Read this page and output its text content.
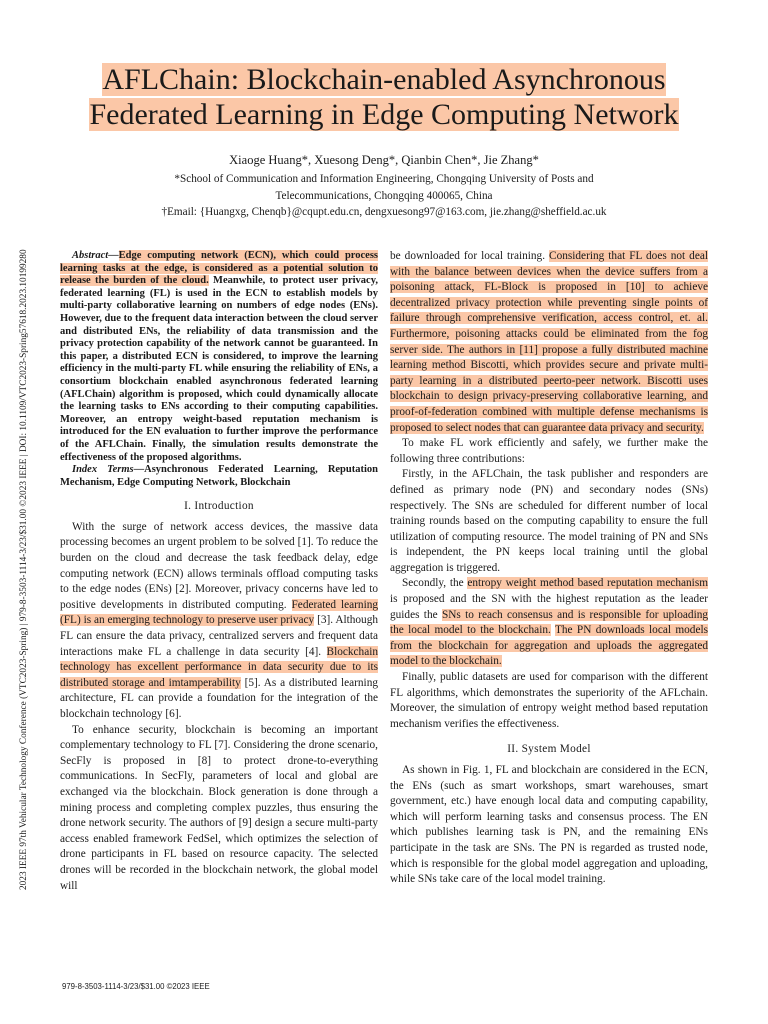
2023 IEEE 97th Vehicular Technology Conference (VTC2023-Spring) | 979-8-3503-1114-3/23/$31.00 ©2023 IEEE | DOI: 10.1109/VTC2023-Spring57618.2023.10199280
AFLChain: Blockchain-enabled Asynchronous
Federated Learning in Edge Computing Network
Xiaoge Huang*, Xuesong Deng*, Qianbin Chen*, Jie Zhang*
*School of Communication and Information Engineering, Chongqing University of Posts and
Telecommunications, Chongqing 400065, China
†Email: {Huangxg, Chenqb}@cqupt.edu.cn, dengxuesong97@163.com, jie.zhang@sheffield.ac.uk

Abstract—Edge computing network (ECN), which could process learning tasks at the edge, is considered as a potential solution to release the burden of the cloud. Meanwhile, to protect user privacy, federated learning (FL) is used in the ECN to establish models by multi-party collaborative learning on numbers of edge nodes (ENs). However, due to the frequent data interaction between the cloud server and distributed ENs, the reliability of data transmission and the privacy protection capability of the network cannot be guaranteed. In this paper, a distributed ECN is considered, to improve the learning efficiency in the multi-party FL while ensuring the reliability of ENs, a consortium blockchain enabled asynchronous federated learning (AFLChain) algorithm is proposed, which could dynamically allocate the learning tasks to ENs according to their computing capabilities. Moreover, an entropy weight-based reputation mechanism is introduced for the EN evaluation to further improve the performance of the AFLChain. Finally, the simulation results demonstrate the effectiveness of the proposed algorithms.

Index Terms—Asynchronous Federated Learning, Reputation Mechanism, Edge Computing Network, Blockchain

I. Introduction

With the surge of network access devices, the massive data processing becomes an urgent problem to be solved [1]. To reduce the burden on the cloud and decrease the task feedback delay, edge computing network (ECN) allows terminals offload computing tasks to the edge nodes (ENs) [2]. Moreover, privacy concerns have led to positive developments in distributed computing. Federated learning (FL) is an emerging technology to preserve user privacy [3]. Although FL can ensure the data privacy, centralized servers and frequent data interactions make FL a challenge in data security [4]. Blockchain technology has excellent performance in data security due to its distributed storage and imtamperability [5]. As a distributed learning architecture, FL can provide a foundation for the integration of the blockchain technology [6].

To enhance security, blockchain is becoming an important complementary technology to FL [7]. Considering the drone scenario, SecFly is proposed in [8] to protect drone-to-everything communications. In SecFly, parameters of local and global are exchanged via the blockchain. Block generation is done through a mining process and completing complex puzzles, thus ensuring the drone network security. The authors of [9] design a secure multi-party access enabled framework FedSel, which optimizes the selection of drone participants in FL based on resource capacity. The selected drones will be recorded in the blockchain network, the global model will

be downloaded for local training. Considering that FL does not deal with the balance between devices when the device suffers from a poisoning attack, FL-Block is proposed in [10] to achieve decentralized privacy protection while preventing single points of failure through comprehensive verification, access control, et. al. Furthermore, poisoning attacks could be eliminated from the fog server side. The authors in [11] propose a fully distributed machine learning method Biscotti, which provides secure and private multi-party learning in a distributed peerto-peer network. Biscotti uses blockchain to design privacy-preserving collaborative learning, and proof-of-federation combined with multiple defense mechanisms is proposed to select nodes that can guarantee data privacy and security.

To make FL work efficiently and safely, we further make the following three contributions:

Firstly, in the AFLChain, the task publisher and responders are defined as primary node (PN) and secondary nodes (SNs) respectively. The SNs are scheduled for different number of local training rounds based on the computing capability to ensure the full utilization of computing resource. The model training of PN and SNs is independent, the PN keeps local training until the global aggregation is triggered.

Secondly, the entropy weight method based reputation mechanism is proposed and the SN with the highest reputation as the leader guides the SNs to reach consensus and is responsible for uploading the local model to the blockchain. The PN downloads local models from the blockchain for aggregation and uploads the aggregated model to the blockchain.

Finally, public datasets are used for comparison with the different FL algorithms, which demonstrates the superiority of the AFLchain. Moreover, the simulation of entropy weight method based reputation mechanism verifies the effectiveness.

II. System Model

As shown in Fig. 1, FL and blockchain are considered in the ECN, the ENs (such as smart workshops, smart warehouses, smart government, etc.) have enough local data and computing capability, which will perform learning tasks and consensus process. The EN which publishes learning task is PN, and the remaining ENs participate in the task are SNs. The PN is regarded as trusted node, which is responsible for the global model aggregation and uploading, while SNs take care of the local model training.

979-8-3503-1114-3/23/$31.00 ©2023 IEEE
